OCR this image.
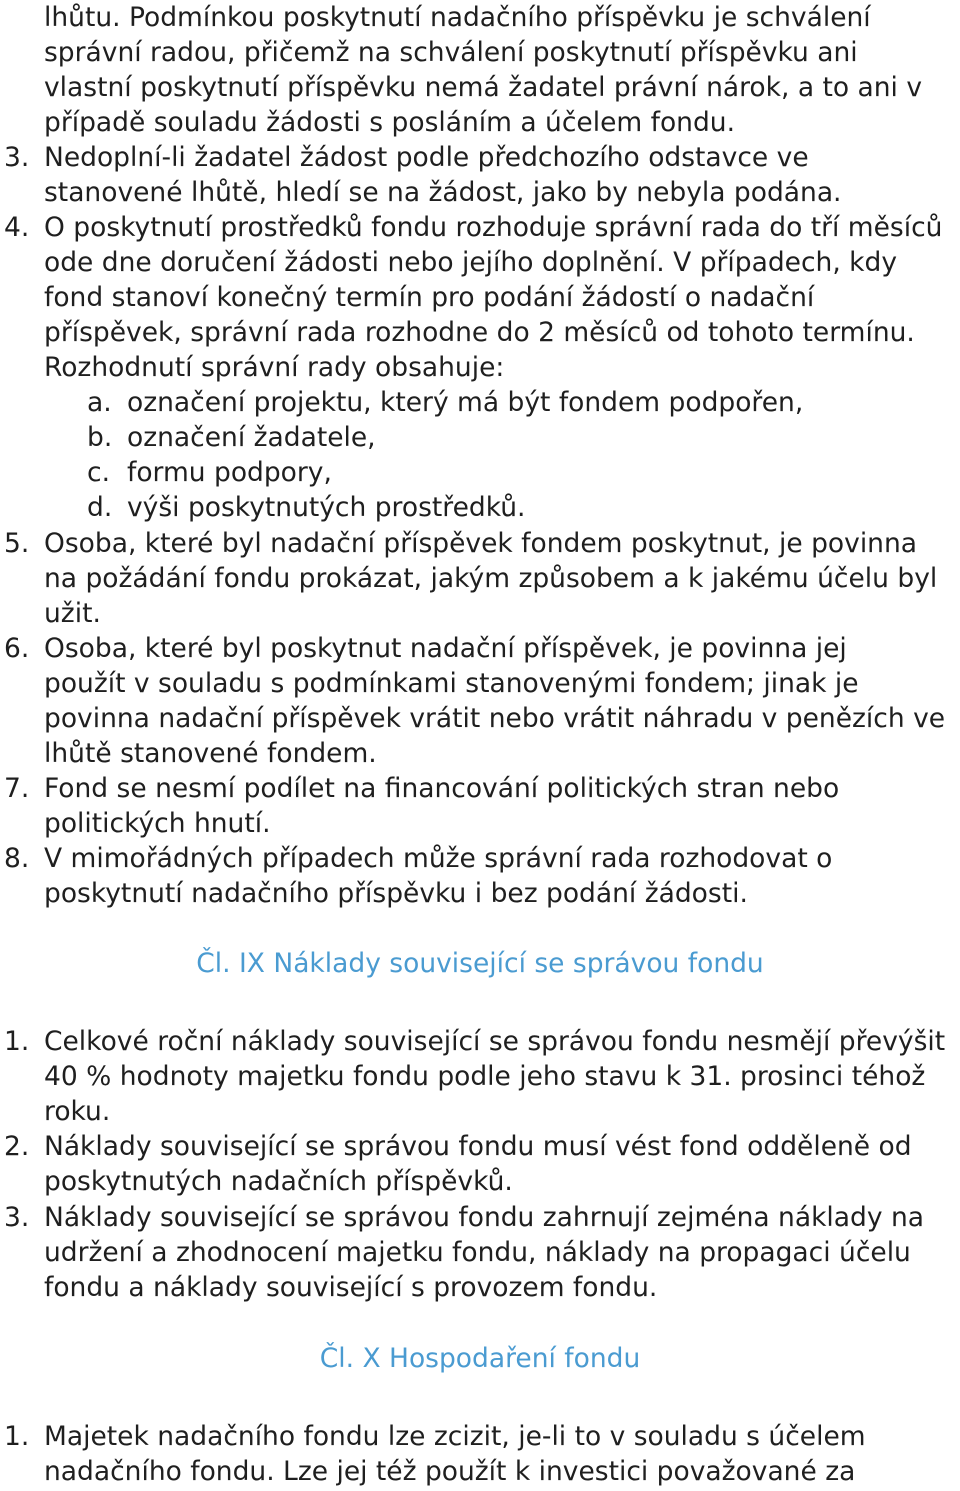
lhůtu. Podmínkou poskytnutí nadačního příspěvku je schválení
správní radou, přičemž na schválení poskytnutí příspěvku ani
vlastní poskytnutí příspěvku nemá žadatel právní nárok, a to ani v
případě souladu žádosti s posláním a účelem fondu.
3. Nedoplní-li žadatel žádost podle předchozího odstavce ve
stanovené lhůtě, hledí se na žádost, jako by nebyla podána.
4. O poskytnutí prostředků fondu rozhoduje správní rada do tří měsíců
ode dne doručení žádosti nebo jejího doplnění. V případech, kdy
fond stanoví konečný termín pro podání žádostí o nadační
příspěvek, správní rada rozhodne do 2 měsíců od tohoto termínu.
Rozhodnutí správní rady obsahuje:
a. označení projektu, který má být fondem podpořen,
b. označení žadatele,
c. formu podpory,
d. výši poskytnutých prostředků.
5. Osoba, které byl nadační příspěvek fondem poskytnut, je povinna
na požádání fondu prokázat, jakým způsobem a k jakému účelu byl
užit.
6. Osoba, které byl poskytnut nadační příspěvek, je povinna jej
použít v souladu s podmínkami stanovenými fondem; jinak je
povinna nadační příspěvek vrátit nebo vrátit náhradu v penězích ve
lhůtě stanovené fondem.
7. Fond se nesmí podílet na financování politických stran nebo
politických hnutí.
8. V mimořádných případech může správní rada rozhodovat o
poskytnutí nadačního příspěvku i bez podání žádosti.
Čl. IX Náklady související se správou fondu
1. Celkové roční náklady související se správou fondu nesmějí převýšit
40 % hodnoty majetku fondu podle jeho stavu k 31. prosinci téhož
roku.
2. Náklady související se správou fondu musí vést fond odděleně od
poskytnutých nadačních příspěvků.
3. Náklady související se správou fondu zahrnují zejména náklady na
udržení a zhodnocení majetku fondu, náklady na propagaci účelu
fondu a náklady související s provozem fondu.
Čl. X Hospodaření fondu
1. Majetek nadačního fondu lze zcizit, je-li to v souladu s účelem
nadačního fondu. Lze jej též použít k investici považované za
